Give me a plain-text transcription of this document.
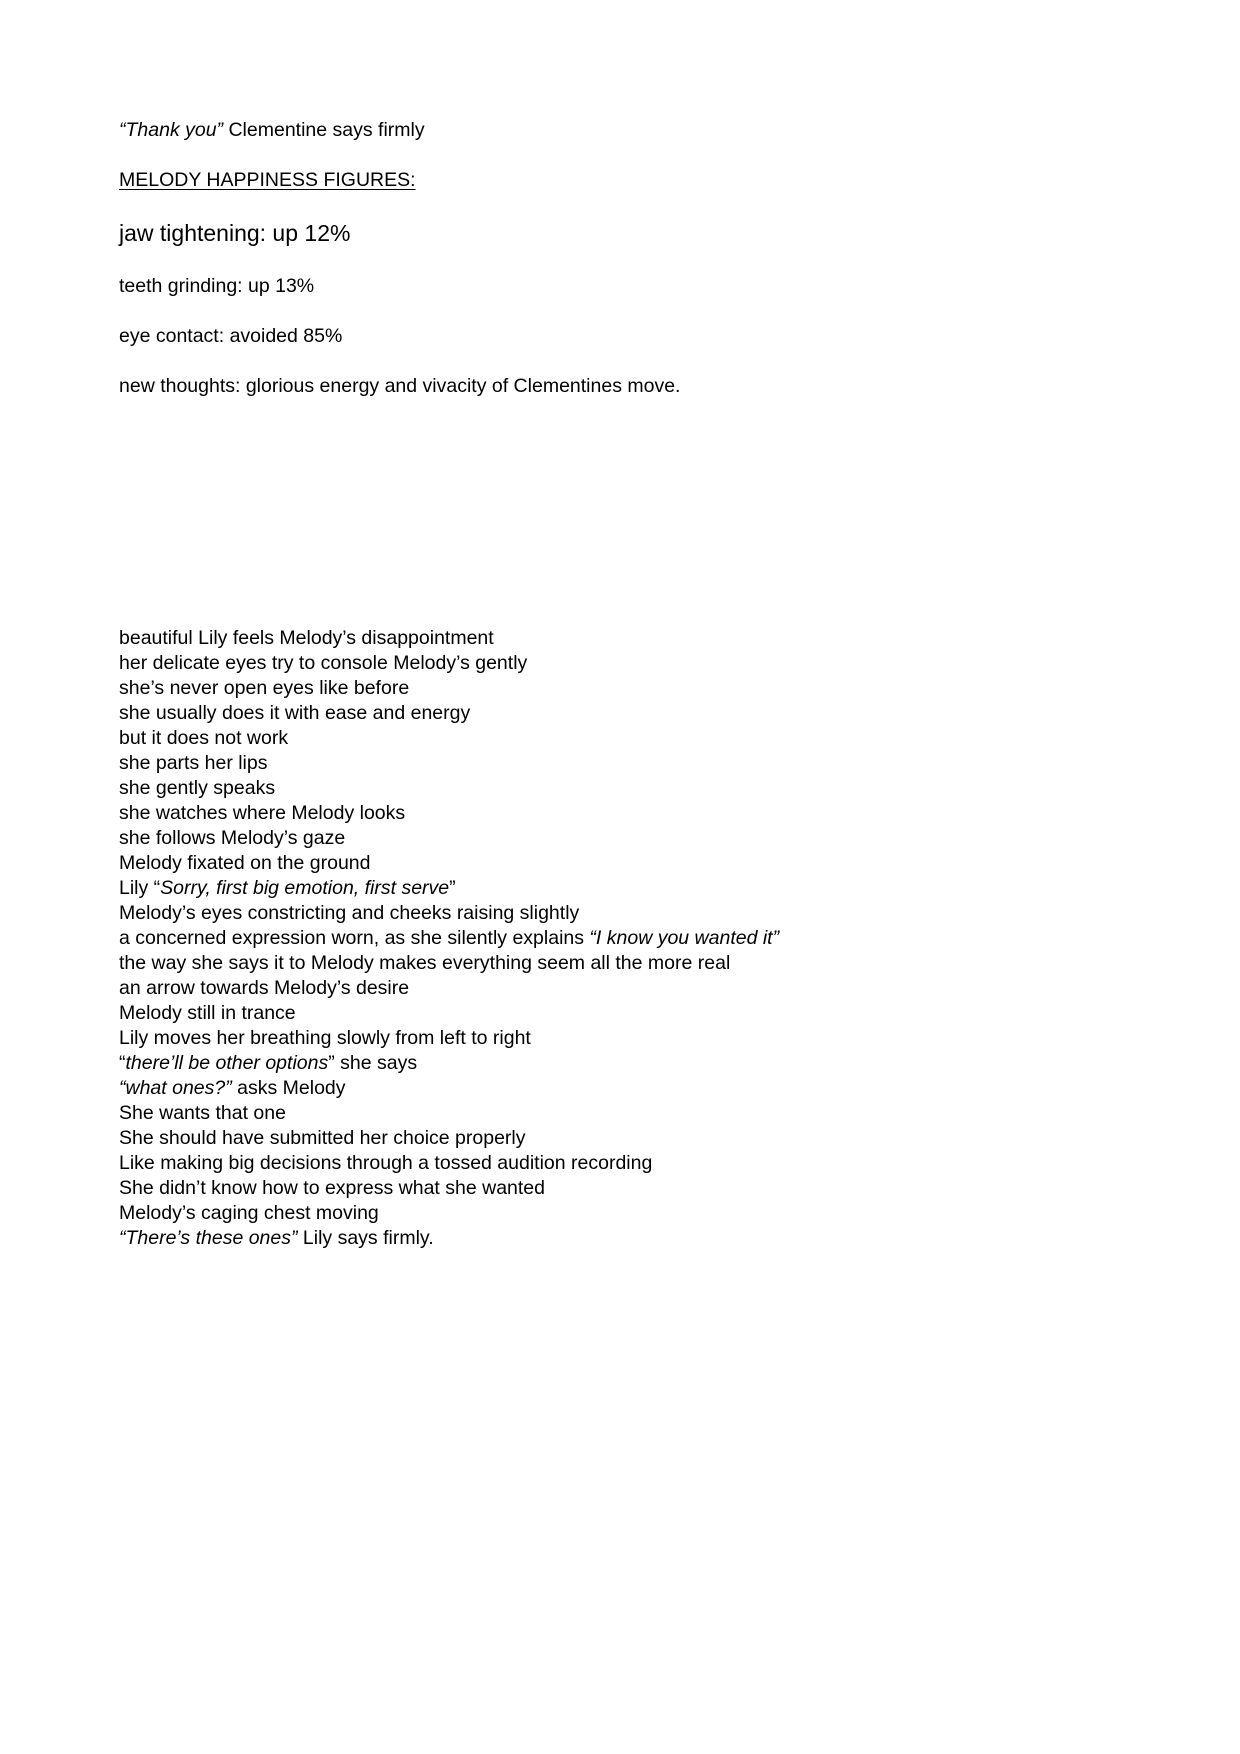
“Thank you” Clementine says firmly
MELODY HAPPINESS FIGURES:
jaw tightening: up 12%
teeth grinding: up 13%
eye contact: avoided 85%
new thoughts: glorious energy and vivacity of Clementines move.
beautiful Lily feels Melody’s disappointment
her delicate eyes try to console Melody’s gently
she’s never open eyes like before
she usually does it with ease and energy
but it does not work
she parts her lips
she gently speaks
she watches where Melody looks
she follows Melody’s gaze
Melody fixated on the ground
Lily “Sorry, first big emotion, first serve”
Melody’s eyes constricting and cheeks raising slightly
a concerned expression worn, as she silently explains “I know you wanted it”
the way she says it to Melody makes everything seem all the more real
an arrow towards Melody’s desire
Melody still in trance
Lily moves her breathing slowly from left to right
“there’ll be other options” she says
“what ones?” asks Melody
She wants that one
She should have submitted her choice properly
Like making big decisions through a tossed audition recording
She didn’t know how to express what she wanted
Melody’s caging chest moving
“There’s these ones” Lily says firmly.
